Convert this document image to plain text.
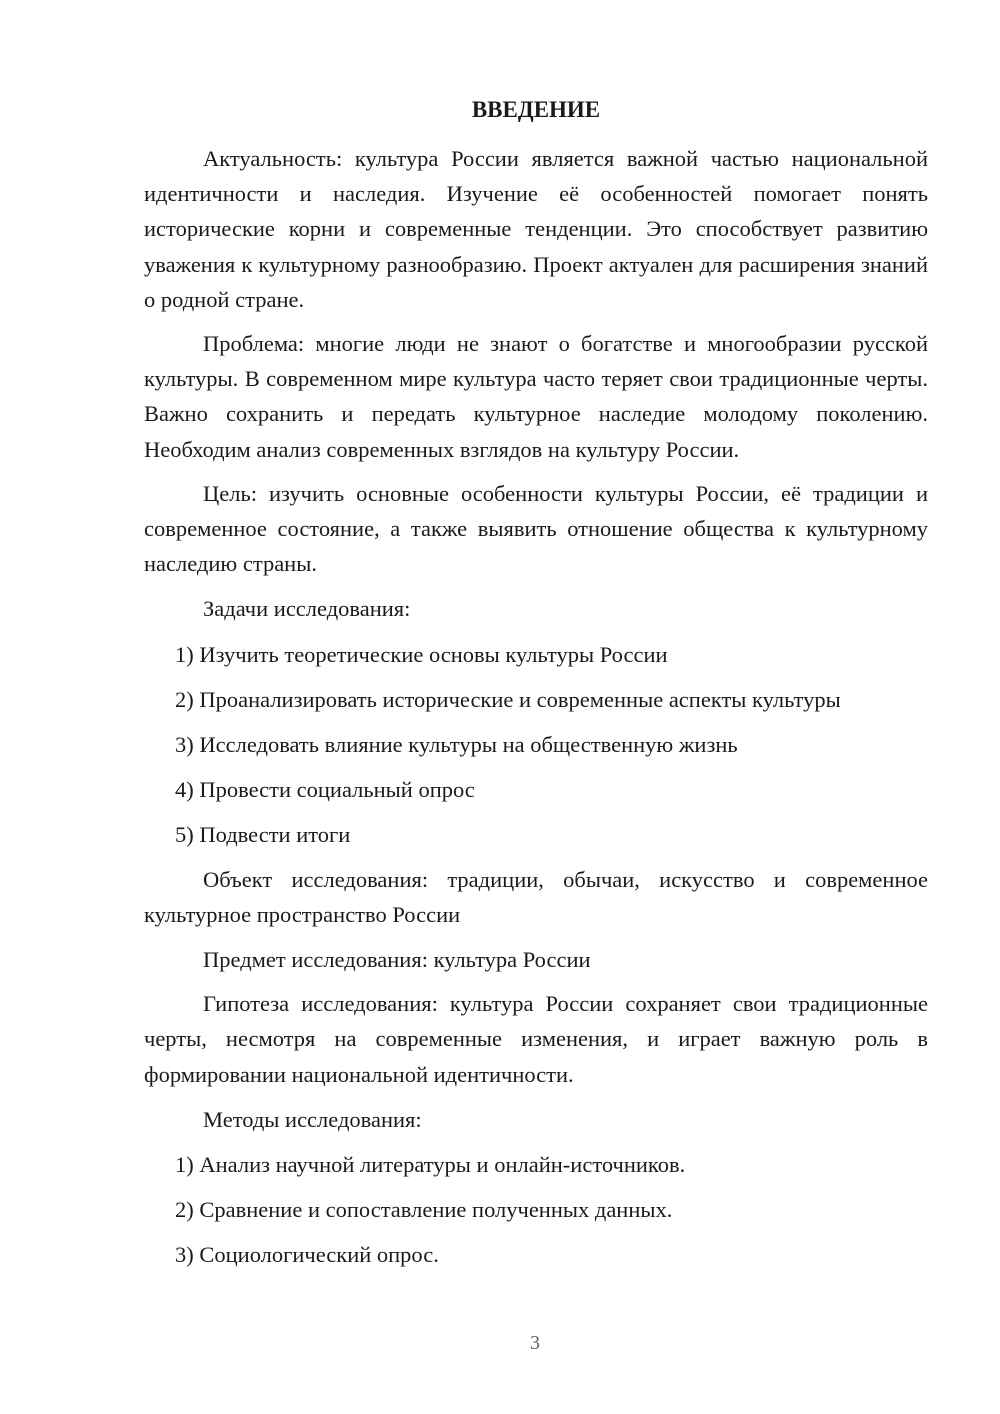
ВВЕДЕНИЕ

Актуальность: культура России является важной частью национальной идентичности и наследия. Изучение её особенностей помогает понять исторические корни и современные тенденции. Это способствует развитию уважения к культурному разнообразию. Проект актуален для расширения знаний о родной стране.

Проблема: многие люди не знают о богатстве и многообразии русской культуры. В современном мире культура часто теряет свои традиционные черты. Важно сохранить и передать культурное наследие молодому поколению. Необходим анализ современных взглядов на культуру России.

Цель: изучить основные особенности культуры России, её традиции и современное состояние, а также выявить отношение общества к культурному наследию страны.

Задачи исследования:

1) Изучить теоретические основы культуры России
2) Проанализировать исторические и современные аспекты культуры
3) Исследовать влияние культуры на общественную жизнь
4) Провести социальный опрос
5) Подвести итоги

Объект исследования: традиции, обычаи, искусство и современное культурное пространство России

Предмет исследования: культура России

Гипотеза исследования: культура России сохраняет свои традиционные черты, несмотря на современные изменения, и играет важную роль в формировании национальной идентичности.

Методы исследования:

1) Анализ научной литературы и онлайн-источников.
2) Сравнение и сопоставление полученных данных.
3) Социологический опрос.
3
